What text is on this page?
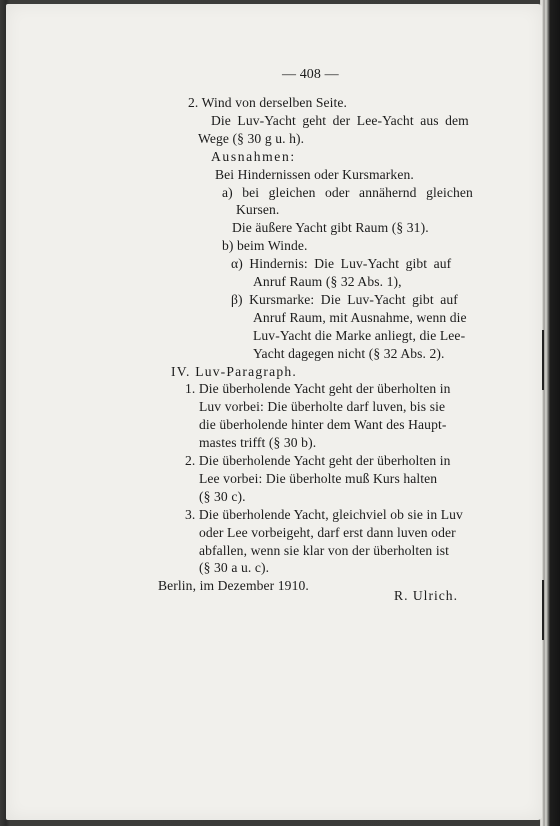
— 408 —
2. Wind von derselben Seite.
Die Luv-Yacht geht der Lee-Yacht aus dem
Wege (§ 30 g u. h).
Ausnahmen:
Bei Hindernissen oder Kursmarken.
a) bei gleichen oder annähernd gleichen
Kursen.
Die äußere Yacht gibt Raum (§ 31).
b) beim Winde.
α) Hindernis: Die Luv-Yacht gibt auf
Anruf Raum (§ 32 Abs. 1),
β) Kursmarke: Die Luv-Yacht gibt auf
Anruf Raum, mit Ausnahme, wenn die
Luv-Yacht die Marke anliegt, die Lee-
Yacht dagegen nicht (§ 32 Abs. 2).
IV. Luv-Paragraph.
1. Die überholende Yacht geht der überholten in
Luv vorbei: Die überholte darf luven, bis sie
die überholende hinter dem Want des Haupt-
mastes trifft (§ 30 b).
2. Die überholende Yacht geht der überholten in
Lee vorbei: Die überholte muß Kurs halten
(§ 30 c).
3. Die überholende Yacht, gleichviel ob sie in Luv
oder Lee vorbeigeht, darf erst dann luven oder
abfallen, wenn sie klar von der überholten ist
(§ 30 a u. c).
Berlin, im Dezember 1910.
R. Ulrich.
